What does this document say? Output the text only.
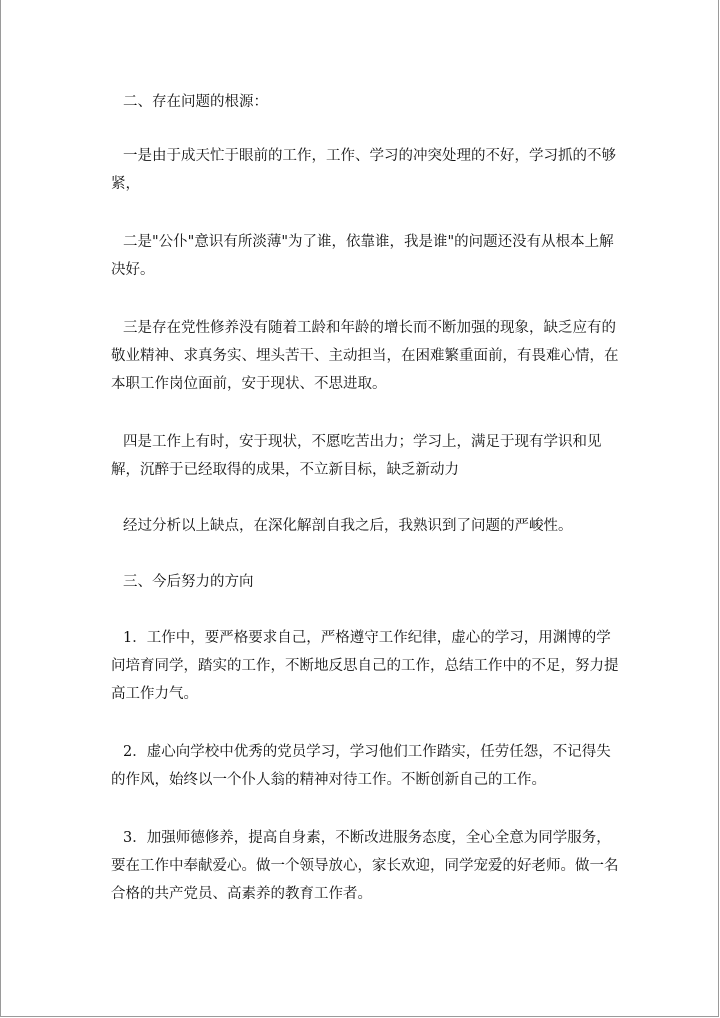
二、存在问题的根源：

一是由于成天忙于眼前的工作，工作、学习的冲突处理的不好，学习抓的不够紧，

二是"公仆"意识有所淡薄"为了谁，依靠谁，我是谁"的问题还没有从根本上解决好。

三是存在党性修养没有随着工龄和年龄的增长而不断加强的现象，缺乏应有的敬业精神、求真务实、埋头苦干、主动担当，在困难繁重面前，有畏难心情，在本职工作岗位面前，安于现状、不思进取。

四是工作上有时，安于现状，不愿吃苦出力；学习上，满足于现有学识和见解，沉醉于已经取得的成果，不立新目标，缺乏新动力

经过分析以上缺点，在深化解剖自我之后，我熟识到了问题的严峻性。

三、今后努力的方向

1．工作中，要严格要求自己，严格遵守工作纪律，虚心的学习，用渊博的学问培育同学，踏实的工作，不断地反思自己的工作，总结工作中的不足，努力提高工作力气。

2．虚心向学校中优秀的党员学习，学习他们工作踏实，任劳任怨，不记得失的作风，始终以一个仆人翁的精神对待工作。不断创新自己的工作。

3．加强师德修养，提高自身素，不断改进服务态度，全心全意为同学服务，要在工作中奉献爱心。做一个领导放心，家长欢迎，同学宠爱的好老师。做一名合格的共产党员、高素养的教育工作者。
